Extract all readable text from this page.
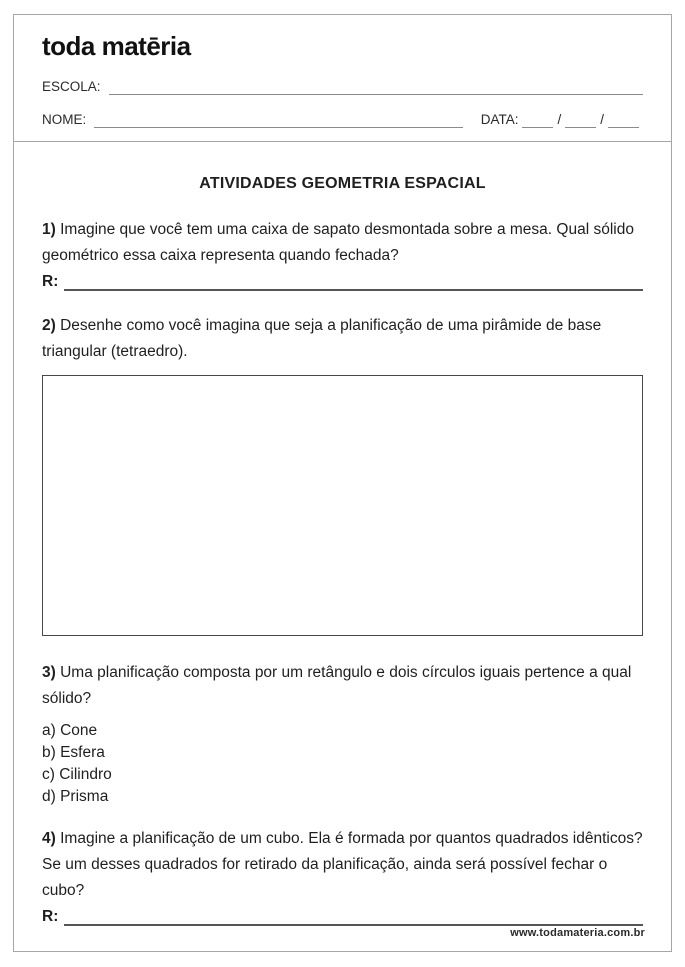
toda matēria
ESCOLA:
NOME:	DATA:	/	/
ATIVIDADES GEOMETRIA ESPACIAL
1) Imagine que você tem uma caixa de sapato desmontada sobre a mesa. Qual sólido geométrico essa caixa representa quando fechada?
R:
2) Desenhe como você imagina que seja a planificação de uma pirâmide de base triangular (tetraedro).
3) Uma planificação composta por um retângulo e dois círculos iguais pertence a qual sólido?
a) Cone
b) Esfera
c) Cilindro
d) Prisma
4) Imagine a planificação de um cubo. Ela é formada por quantos quadrados idênticos? Se um desses quadrados for retirado da planificação, ainda será possível fechar o cubo?
R:
www.todamateria.com.br
